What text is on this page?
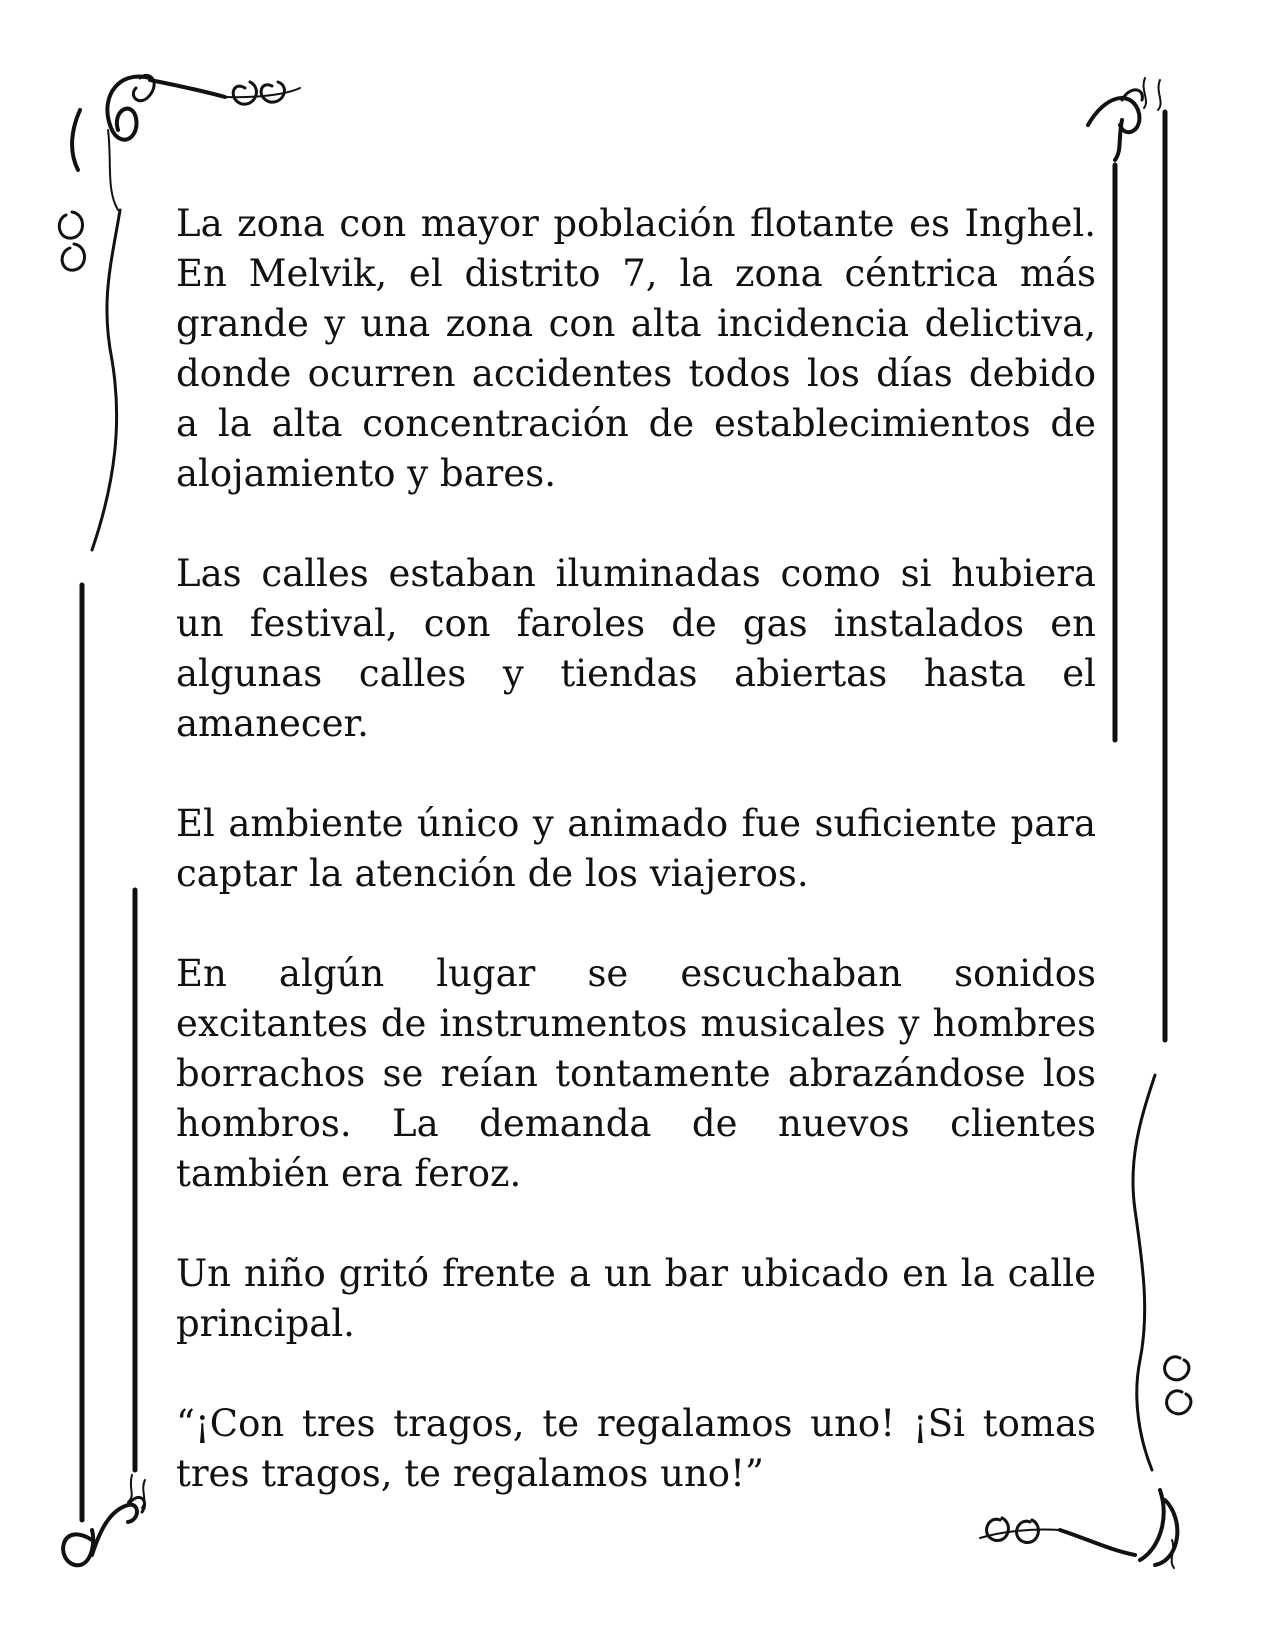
La zona con mayor población flotante es Inghel. En Melvik, el distrito 7, la zona céntrica más grande y una zona con alta incidencia delictiva, donde ocurren accidentes todos los días debido a la alta concentración de establecimientos de alojamiento y bares.

Las calles estaban iluminadas como si hubiera un festival, con faroles de gas instalados en algunas calles y tiendas abiertas hasta el amanecer.

El ambiente único y animado fue suficiente para captar la atención de los viajeros.

En algún lugar se escuchaban sonidos excitantes de instrumentos musicales y hombres borrachos se reían tontamente abrazándose los hombros. La demanda de nuevos clientes también era feroz.

Un niño gritó frente a un bar ubicado en la calle principal.

“¡Con tres tragos, te regalamos uno! ¡Si tomas tres tragos, te regalamos uno!”
